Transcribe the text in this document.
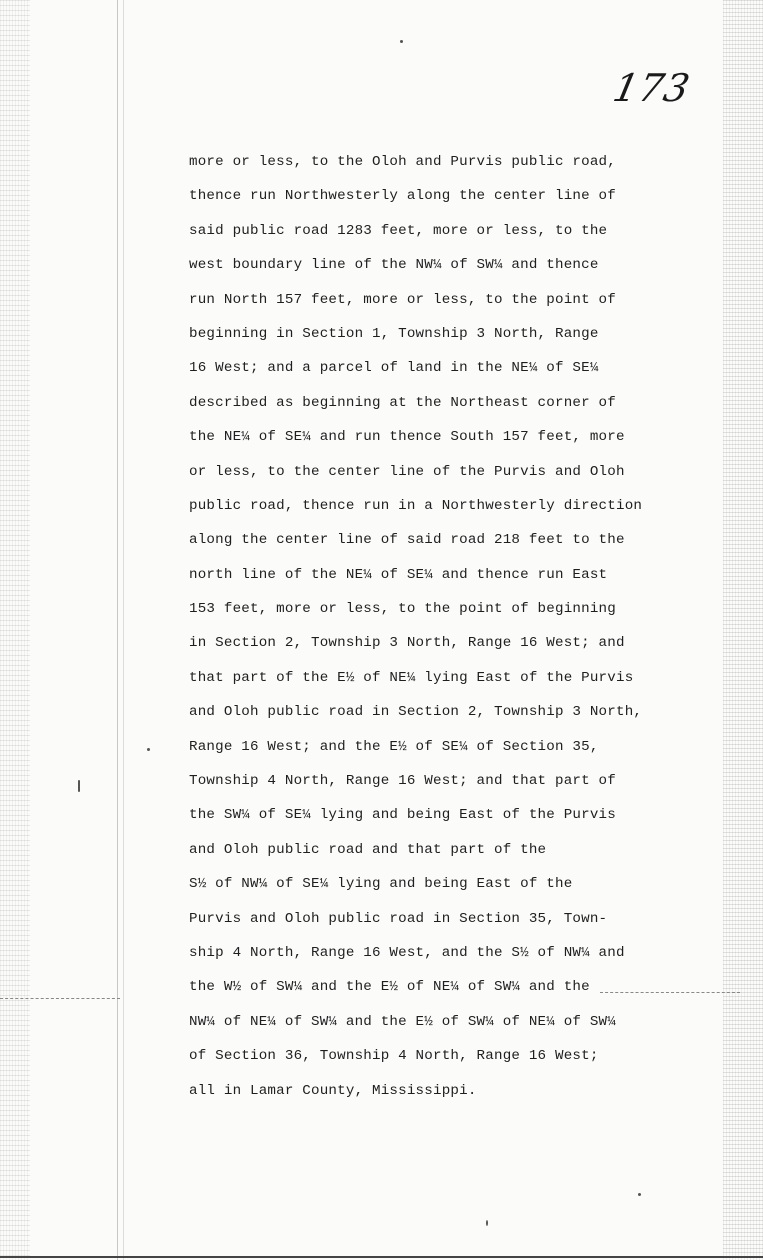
173
more or less, to the Oloh and Purvis public road,
thence run Northwesterly along the center line of
said public road 1283 feet, more or less, to the
west boundary line of the NW¼ of SW¼ and thence
run North 157 feet, more or less, to the point of
beginning in Section 1, Township 3 North, Range
16 West; and a parcel of land in the NE¼ of SE¼
described as beginning at the Northeast corner of
the NE¼ of SE¼ and run thence South 157 feet, more
or less, to the center line of the Purvis and Oloh
public road, thence run in a Northwesterly direction
along the center line of said road 218 feet to the
north line of the NE¼ of SE¼ and thence run East
153 feet, more or less, to the point of beginning
in Section 2, Township 3 North, Range 16 West; and
that part of the E½ of NE¼ lying East of the Purvis
and Oloh public road in Section 2, Township 3 North,
Range 16 West; and the E½ of SE¼ of Section 35,
Township 4 North, Range 16 West; and that part of
the SW¼ of SE¼ lying and being East of the Purvis
and Oloh public road and that part of the
S½ of NW¼ of SE¼ lying and being East of the
Purvis and Oloh public road in Section 35, Town-
ship 4 North, Range 16 West, and the S½ of NW¼ and
the W½ of SW¼ and the E½ of NE¼ of SW¼ and the
NW¼ of NE¼ of SW¼ and the E½ of SW¼ of NE¼ of SW¼
of Section 36, Township 4 North, Range 16 West;
all in Lamar County, Mississippi.
